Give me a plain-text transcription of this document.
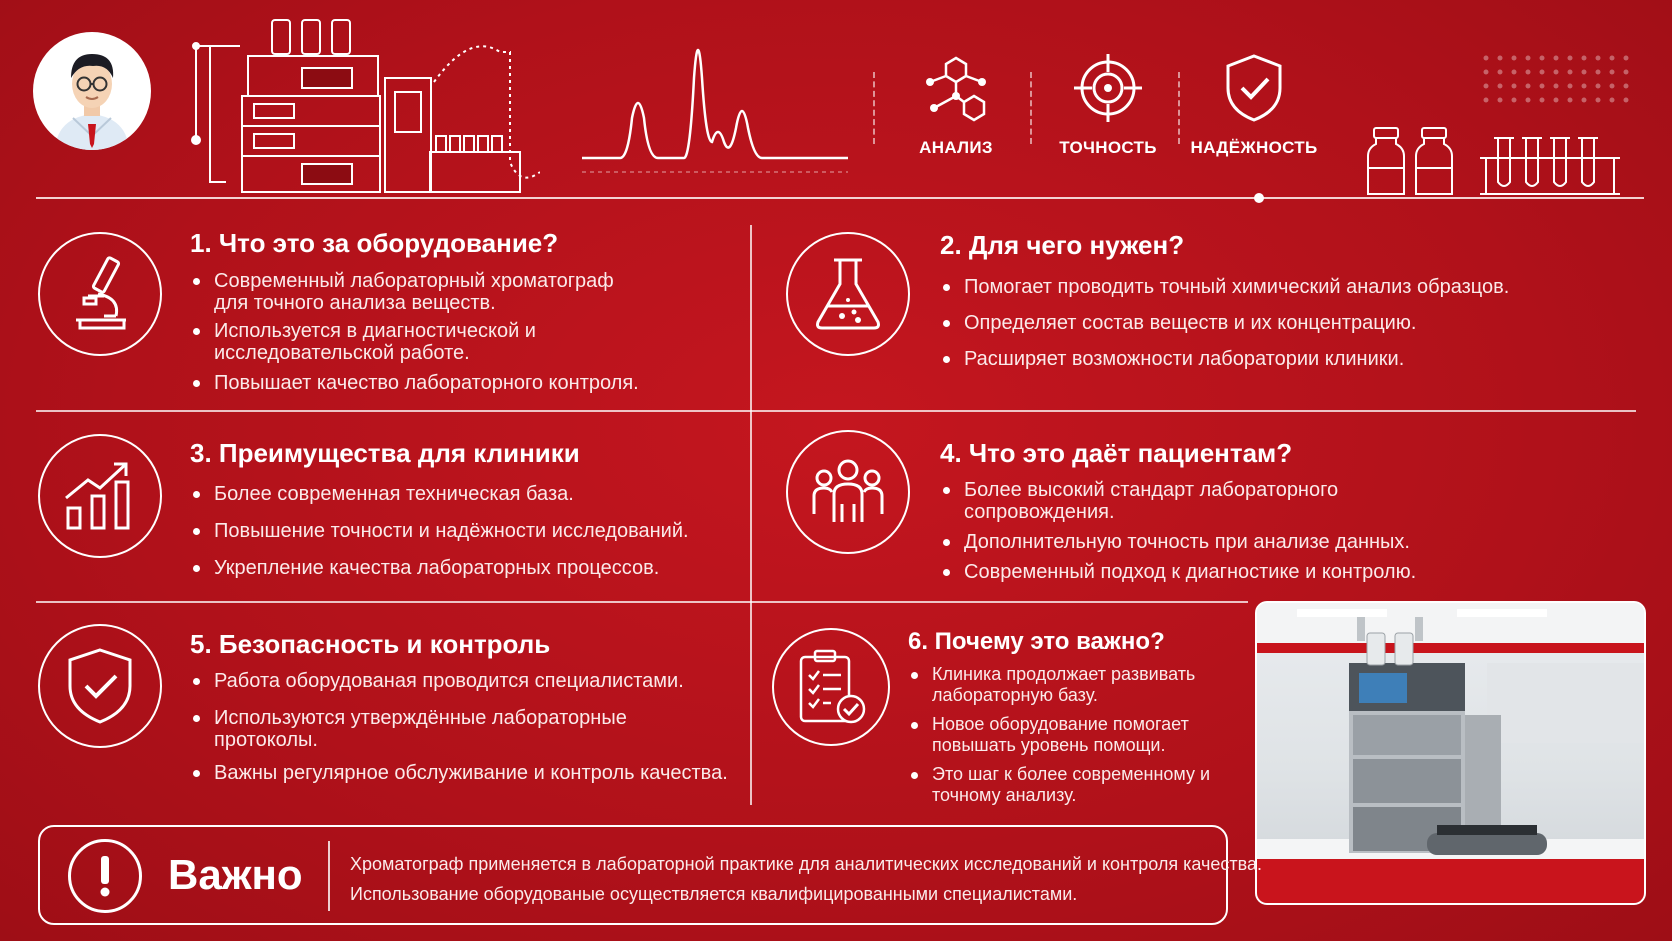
АНАЛИЗ	ТОЧНОСТЬ	НАДЁЖНОСТЬ
1. Что это за оборудование?
Современный лабораторный хроматограф для точного анализа веществ.
Используется в диагностической и исследовательской работе.
Повышает качество лабораторного контроля.
2. Для чего нужен?
Помогает проводить точный химический анализ образцов.
Определяет состав веществ и их концентрацию.
Расширяет возможности лаборатории клиники.
3. Преимущества для клиники
Более современная техническая база.
Повышение точности и надёжности исследований.
Укрепление качества лабораторных процессов.
4. Что это даёт пациентам?
Более высокий стандарт лабораторного сопровождения.
Дополнительную точность при анализе данных.
Современный подход к диагностике и контролю.
5. Безопасность и контроль
Работа оборудованая проводится специалистами.
Используются утверждённые лабораторные протоколы.
Важны регулярное обслуживание и контроль качества.
6. Почему это важно?
Клиника продолжает развивать лабораторную базу.
Новое оборудование помогает повышать уровень помощи.
Это шаг к более современному и точному анализу.
Важно	Хроматограф применяется в лабораторной практике для аналитических исследований и контроля качества.
Использование оборудованые осуществляется квалифицированными специалистами.
